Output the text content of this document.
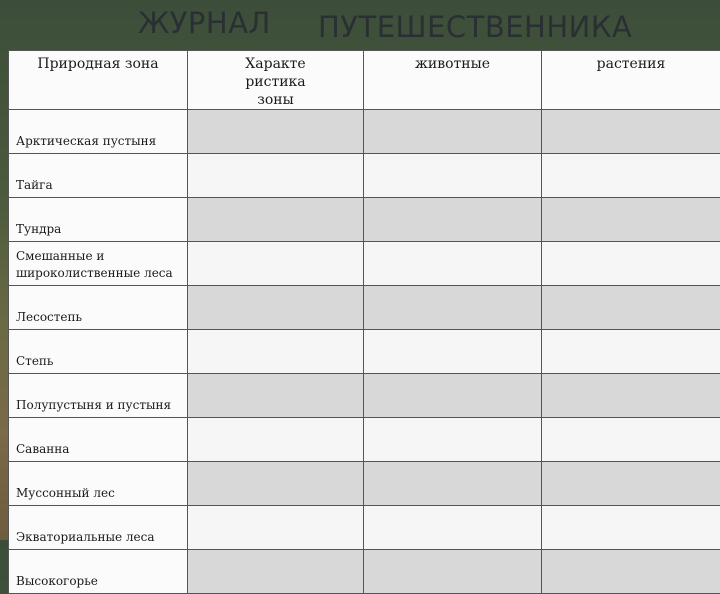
ЖУРНАЛ ПУТЕШЕСТВЕННИКА
Природная зона	Характе ристика зоны	животные	растения
Арктическая пустыня			
Тайга			
Тундра			
Смешанные и широколиственные леса			
Лесостепь			
Степь			
Полупустыня и пустыня			
Саванна			
Муссонный лес			
Экваториальные леса			
Высокогорье			
